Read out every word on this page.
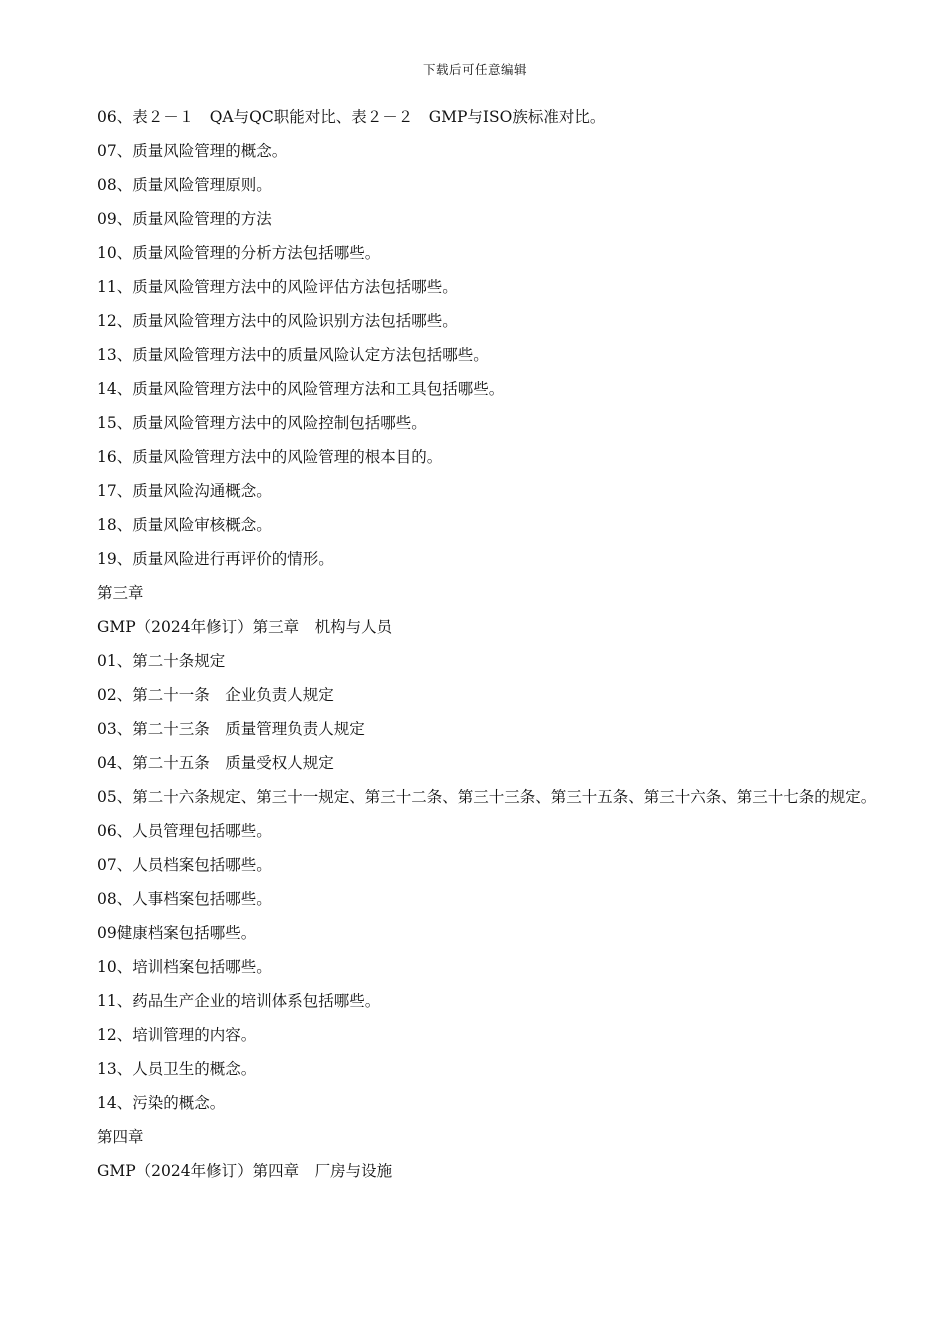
下载后可任意编辑
06、表２－１　QA与QC职能对比、表２－２　GMP与ISO族标准对比。
07、质量风险管理的概念。
08、质量风险管理原则。
09、质量风险管理的方法
10、质量风险管理的分析方法包括哪些。
11、质量风险管理方法中的风险评估方法包括哪些。
12、质量风险管理方法中的风险识别方法包括哪些。
13、质量风险管理方法中的质量风险认定方法包括哪些。
14、质量风险管理方法中的风险管理方法和工具包括哪些。
15、质量风险管理方法中的风险控制包括哪些。
16、质量风险管理方法中的风险管理的根本目的。
17、质量风险沟通概念。
18、质量风险审核概念。
19、质量风险进行再评价的情形。
第三章
GMP（2024年修订）第三章　机构与人员
01、第二十条规定
02、第二十一条　企业负责人规定
03、第二十三条　质量管理负责人规定
04、第二十五条　质量受权人规定
05、第二十六条规定、第三十一规定、第三十二条、第三十三条、第三十五条、第三十六条、第三十七条的规定。
06、人员管理包括哪些。
07、人员档案包括哪些。
08、人事档案包括哪些。
09健康档案包括哪些。
10、培训档案包括哪些。
11、药品生产企业的培训体系包括哪些。
12、培训管理的内容。
13、人员卫生的概念。
14、污染的概念。
第四章
GMP（2024年修订）第四章　厂房与设施
